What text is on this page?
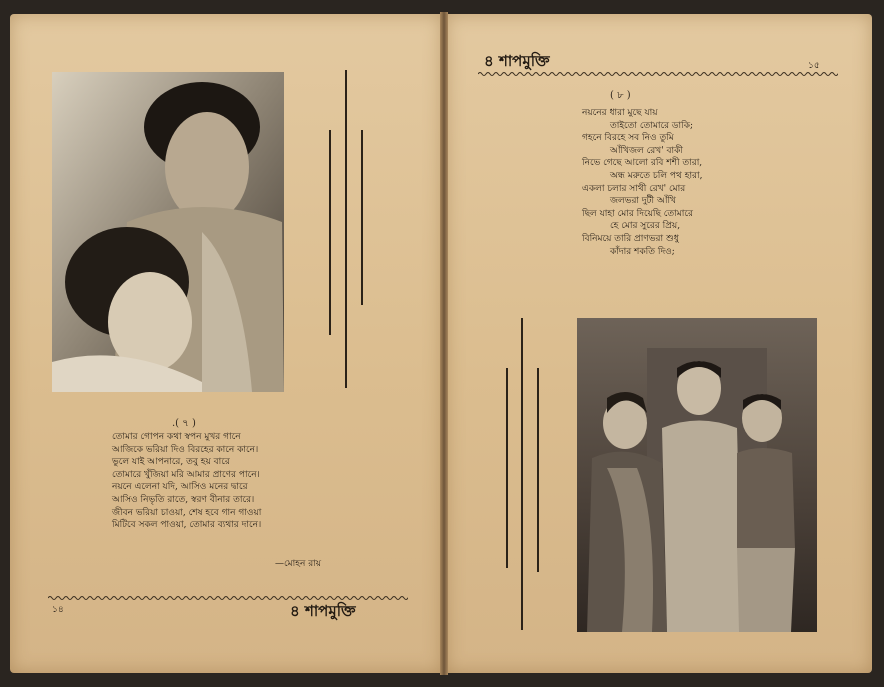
.( ৭ )
তোমার গোপন কথা স্বপন মুখর গানে
আজিকে ভরিয়া দিও বিরহের কানে কানে।
ভুলে যাই আপনারে, তবু হয় বারে
তোমারে খুঁজিয়া মরি আমার প্রাণের পানে।
নয়নে এলেনা যদি, আসিও মনের দ্বারে
আসিও নিভৃতি রাতে, স্বরণ বীনার তারে।
জীবন ভরিয়া চাওয়া, শেষ হবে গান গাওয়া
মিটিবে সকল পাওয়া, তোমার ব্যথার দানে।
—মোহন রায়
১৪	৪ শাপমুক্তি
৪ শাপমুক্তি	১৫
( ৮ )
নয়নের ধারা মুছে যায়
তাইতো তোমারে ডাকি;
গহনে বিরহে সব নিও তুমি
আঁখিজল রেখ' বাকী
নিভে গেছে আলো রবি শশী তারা,
অন্ধ মরুতে চলি পথ হারা,
একলা চলার সাথী রেখ' মোর
জলভরা দুটী আঁখি
ছিল যাহা মোর দিয়েছি তোমারে
হে মোর সুরের প্রিয়,
বিনিময়ে তারি প্রাণভরা শুধু
কাঁদার শকতি দিও;
